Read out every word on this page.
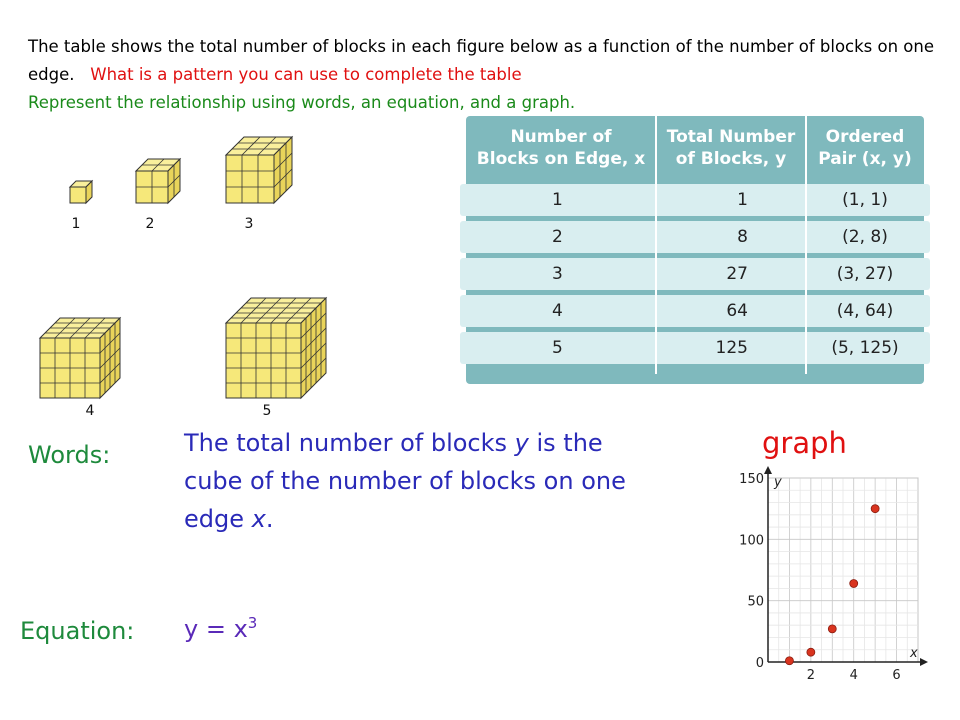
The table shows the total number of blocks in each figure below as a function of the number of blocks on one edge. What is a pattern you can use to complete the table
Represent the relationship using words, an equation, and a graph.
1	2	3
4	5
Number of
Blocks on Edge, x
Total Number
of Blocks, y
Ordered
Pair (x, y)
1	1	(1, 1)
2	8	(2, 8)
3	27	(3, 27)
4	64	(4, 64)
5	125	(5, 125)
Words:	The total number of blocks y is the cube of the number of blocks on one edge x.
Equation: $y = x^3$
graph
x
y
2	4	6
0
50
100
150
